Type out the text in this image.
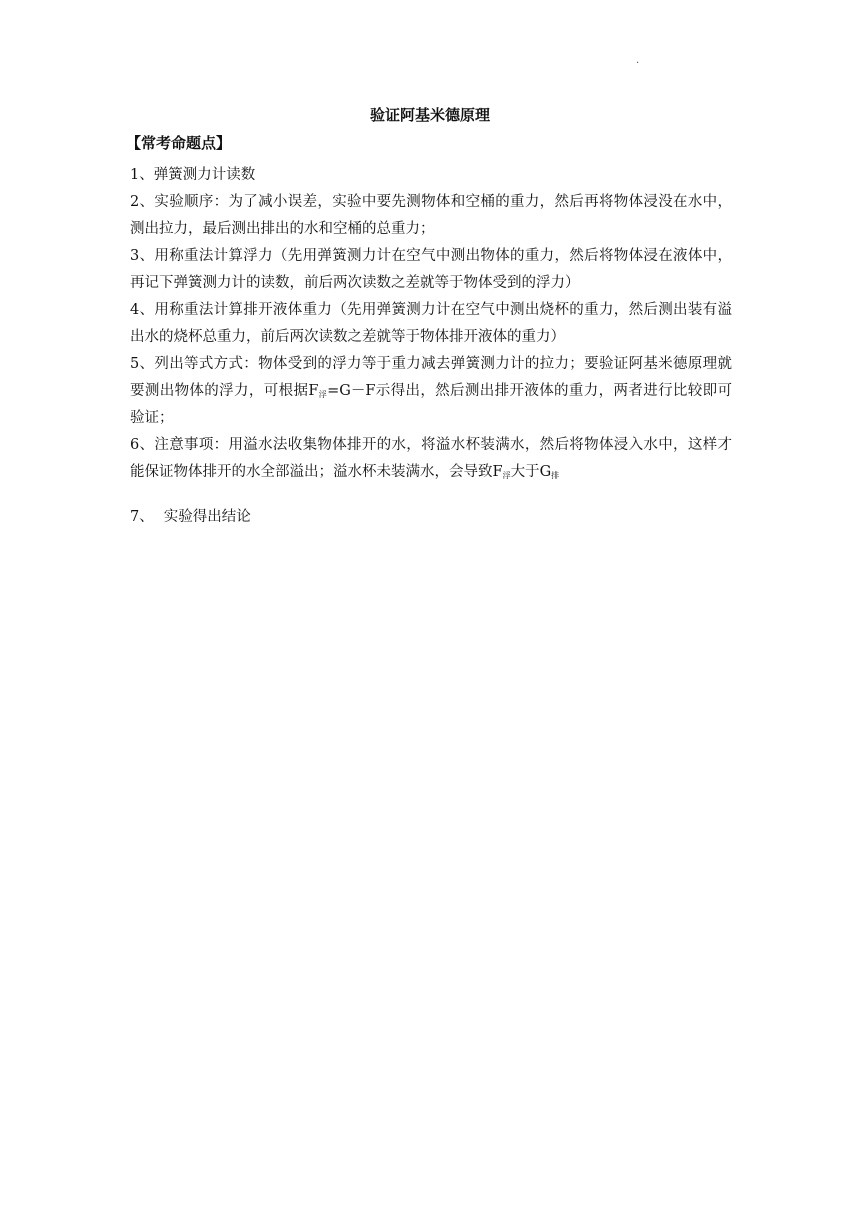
.
验证阿基米德原理
【常考命题点】

1、弹簧测力计读数

2、实验顺序：为了减小误差，实验中要先测物体和空桶的重力，然后再将物体浸没在水中，测出拉力，最后测出排出的水和空桶的总重力；

3、用称重法计算浮力（先用弹簧测力计在空气中测出物体的重力，然后将物体浸在液体中，再记下弹簧测力计的读数，前后两次读数之差就等于物体受到的浮力）

4、用称重法计算排开液体重力（先用弹簧测力计在空气中测出烧杯的重力，然后测出装有溢出水的烧杯总重力，前后两次读数之差就等于物体排开液体的重力）

5、列出等式方式：物体受到的浮力等于重力减去弹簧测力计的拉力；要验证阿基米德原理就要测出物体的浮力，可根据$F_浮=G-F$示得出，然后测出排开液体的重力，两者进行比较即可验证；

6、注意事项：用溢水法收集物体排开的水，将溢水杯装满水，然后将物体浸入水中，这样才能保证物体排开的水全部溢出；溢水杯未装满水，会导致$F_浮$大于$G_排$

7、 实验得出结论
